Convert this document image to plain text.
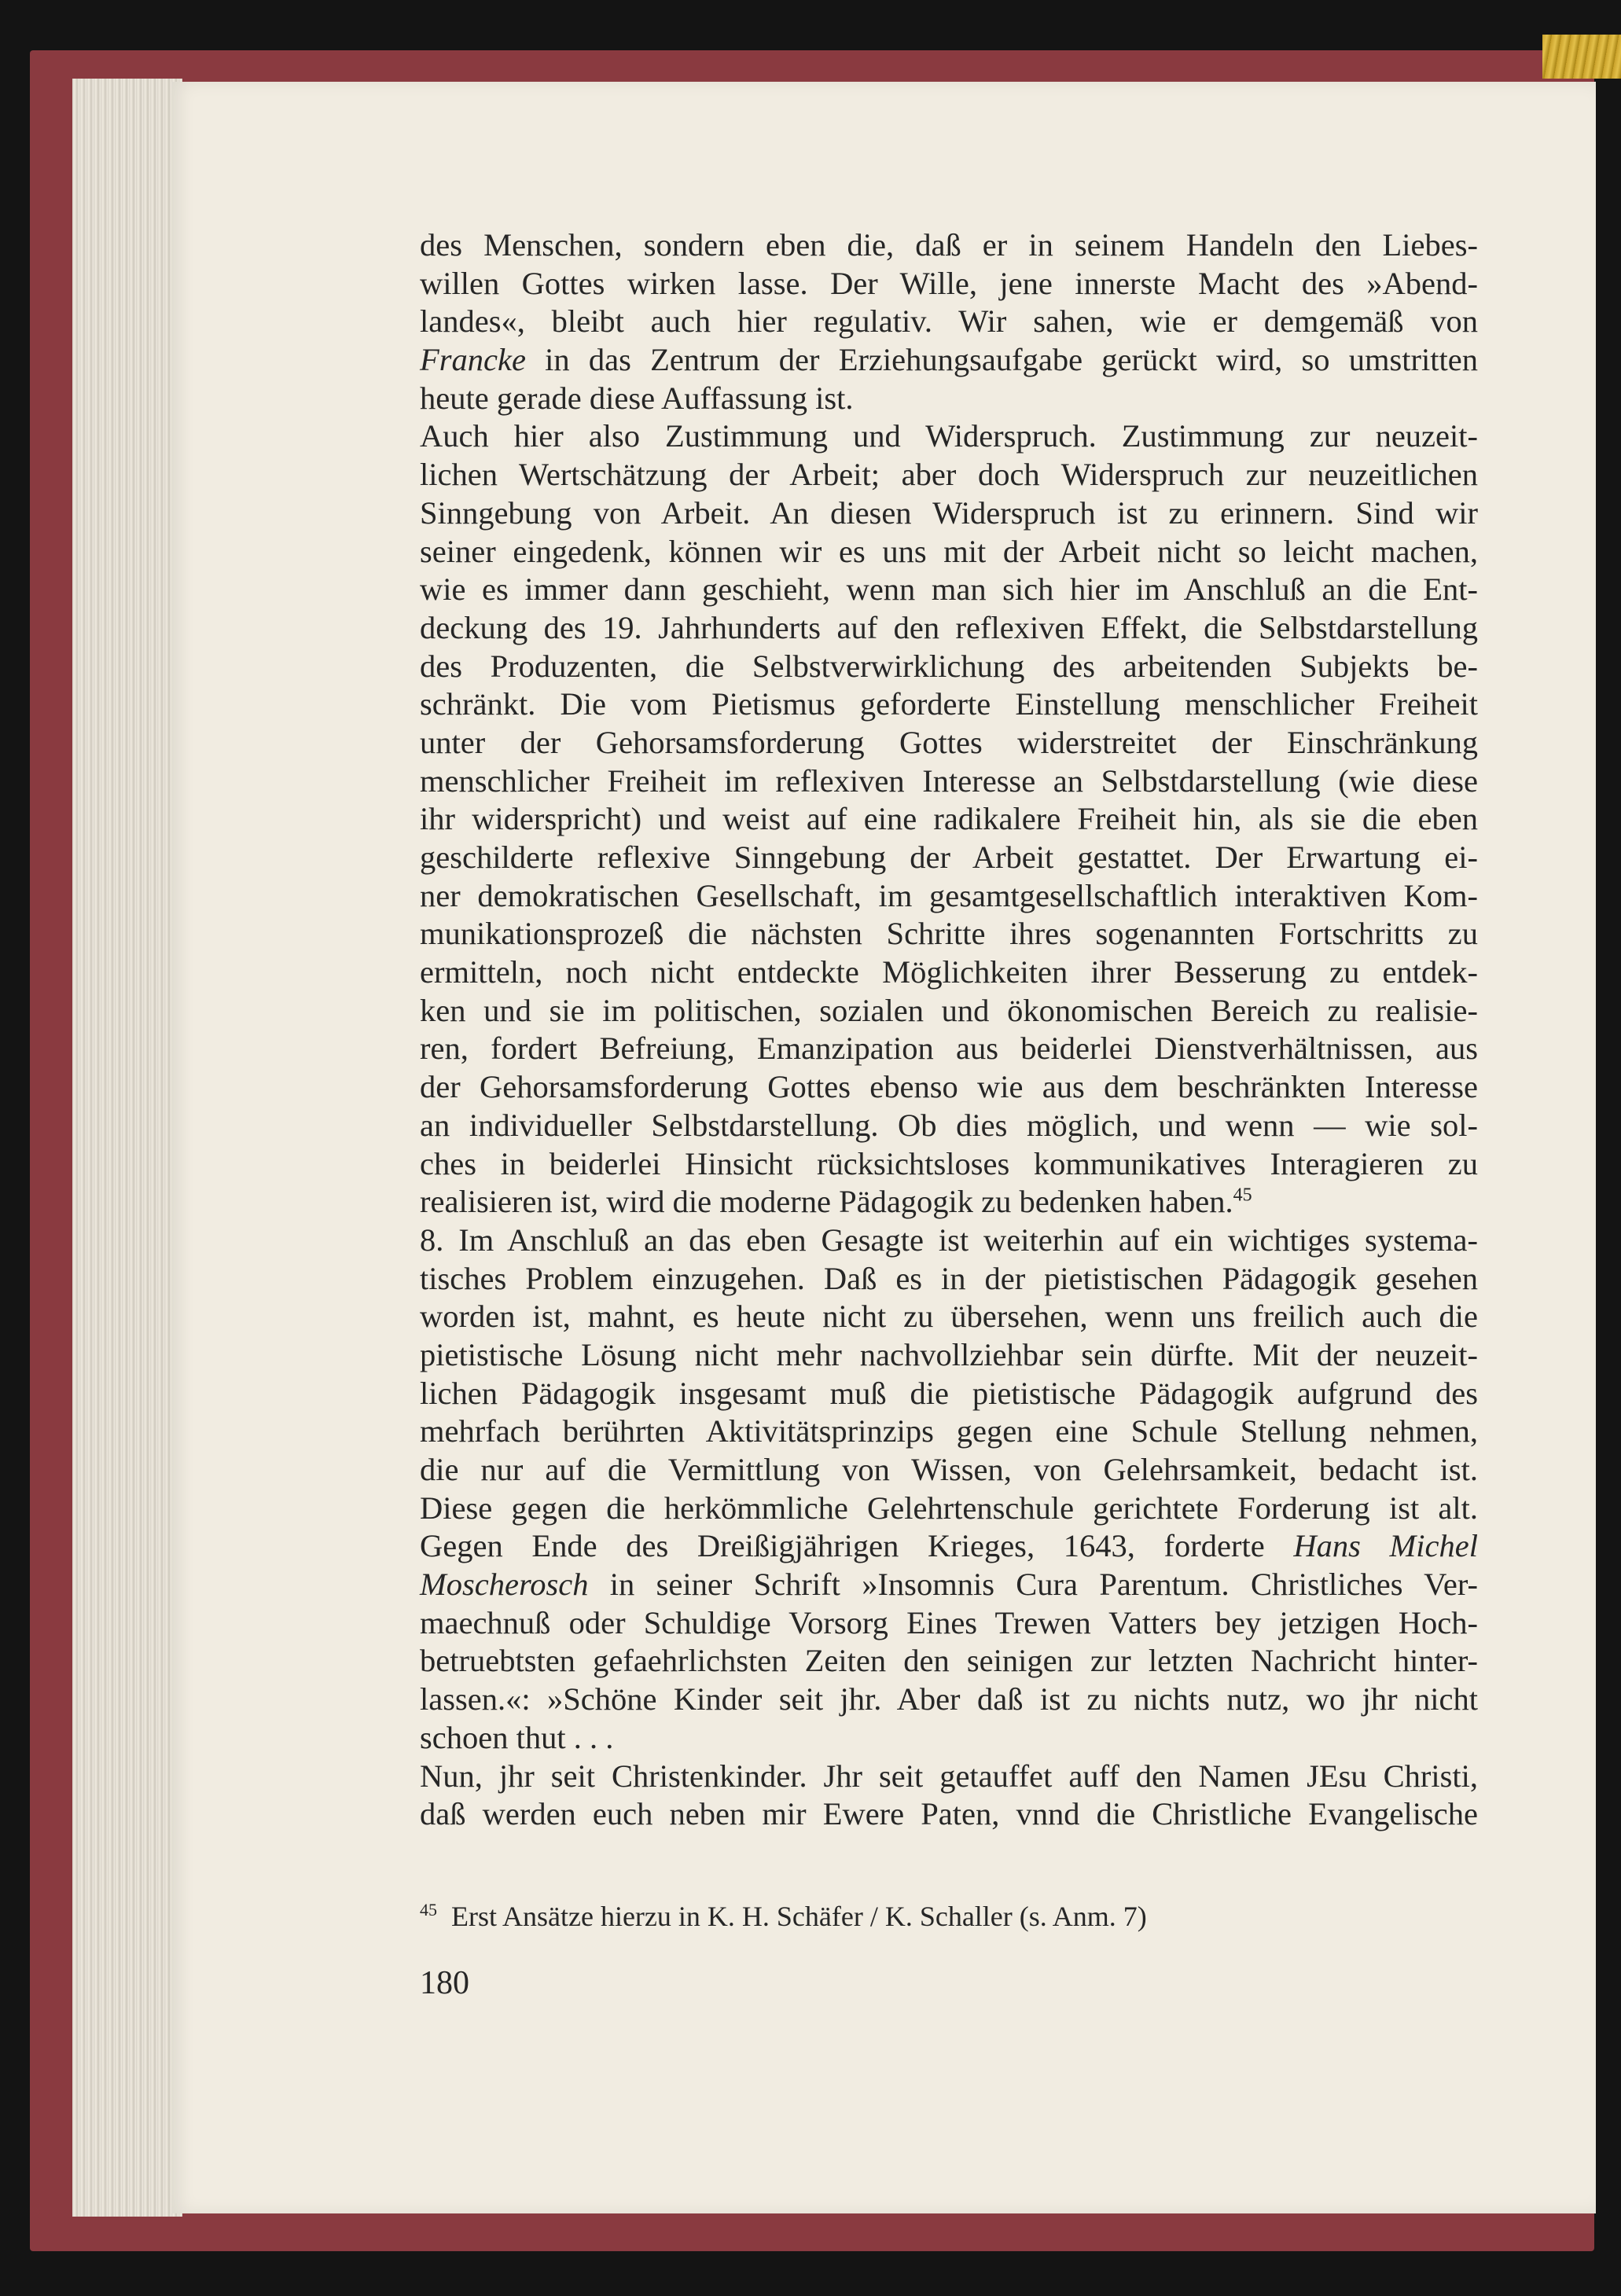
des Menschen, sondern eben die, daß er in seinem Handeln den Liebes-
willen Gottes wirken lasse. Der Wille, jene innerste Macht des »Abend-
landes«, bleibt auch hier regulativ. Wir sahen, wie er demgemäß von
Francke in das Zentrum der Erziehungsaufgabe gerückt wird, so umstritten
heute gerade diese Auffassung ist.
Auch hier also Zustimmung und Widerspruch. Zustimmung zur neuzeit-
lichen Wertschätzung der Arbeit; aber doch Widerspruch zur neuzeitlichen
Sinngebung von Arbeit. An diesen Widerspruch ist zu erinnern. Sind wir
seiner eingedenk, können wir es uns mit der Arbeit nicht so leicht machen,
wie es immer dann geschieht, wenn man sich hier im Anschluß an die Ent-
deckung des 19. Jahrhunderts auf den reflexiven Effekt, die Selbstdarstellung
des Produzenten, die Selbstverwirklichung des arbeitenden Subjekts be-
schränkt. Die vom Pietismus geforderte Einstellung menschlicher Freiheit
unter der Gehorsamsforderung Gottes widerstreitet der Einschränkung
menschlicher Freiheit im reflexiven Interesse an Selbstdarstellung (wie diese
ihr widerspricht) und weist auf eine radikalere Freiheit hin, als sie die eben
geschilderte reflexive Sinngebung der Arbeit gestattet. Der Erwartung ei-
ner demokratischen Gesellschaft, im gesamtgesellschaftlich interaktiven Kom-
munikationsprozeß die nächsten Schritte ihres sogenannten Fortschritts zu
ermitteln, noch nicht entdeckte Möglichkeiten ihrer Besserung zu entdek-
ken und sie im politischen, sozialen und ökonomischen Bereich zu realisie-
ren, fordert Befreiung, Emanzipation aus beiderlei Dienstverhältnissen, aus
der Gehorsamsforderung Gottes ebenso wie aus dem beschränkten Interesse
an individueller Selbstdarstellung. Ob dies möglich, und wenn — wie sol-
ches in beiderlei Hinsicht rücksichtsloses kommunikatives Interagieren zu
realisieren ist, wird die moderne Pädagogik zu bedenken haben.$^{45}$
8. Im Anschluß an das eben Gesagte ist weiterhin auf ein wichtiges systema-
tisches Problem einzugehen. Daß es in der pietistischen Pädagogik gesehen
worden ist, mahnt, es heute nicht zu übersehen, wenn uns freilich auch die
pietistische Lösung nicht mehr nachvollziehbar sein dürfte. Mit der neuzeit-
lichen Pädagogik insgesamt muß die pietistische Pädagogik aufgrund des
mehrfach berührten Aktivitätsprinzips gegen eine Schule Stellung nehmen,
die nur auf die Vermittlung von Wissen, von Gelehrsamkeit, bedacht ist.
Diese gegen die herkömmliche Gelehrtenschule gerichtete Forderung ist alt.
Gegen Ende des Dreißigjährigen Krieges, 1643, forderte Hans Michel
Moscherosch in seiner Schrift »Insomnis Cura Parentum. Christliches Ver-
maechnuß oder Schuldige Vorsorg Eines Trewen Vatters bey jetzigen Hoch-
betruebtsten gefaehrlichsten Zeiten den seinigen zur letzten Nachricht hinter-
lassen.«: »Schöne Kinder seit jhr. Aber daß ist zu nichts nutz, wo jhr nicht
schoen thut . . .
Nun, jhr seit Christenkinder. Jhr seit getauffet auff den Namen JEsu Christi,
daß werden euch neben mir Ewere Paten, vnnd die Christliche Evangelische
$^{45}$ Erst Ansätze hierzu in K. H. Schäfer / K. Schaller (s. Anm. 7)
180
